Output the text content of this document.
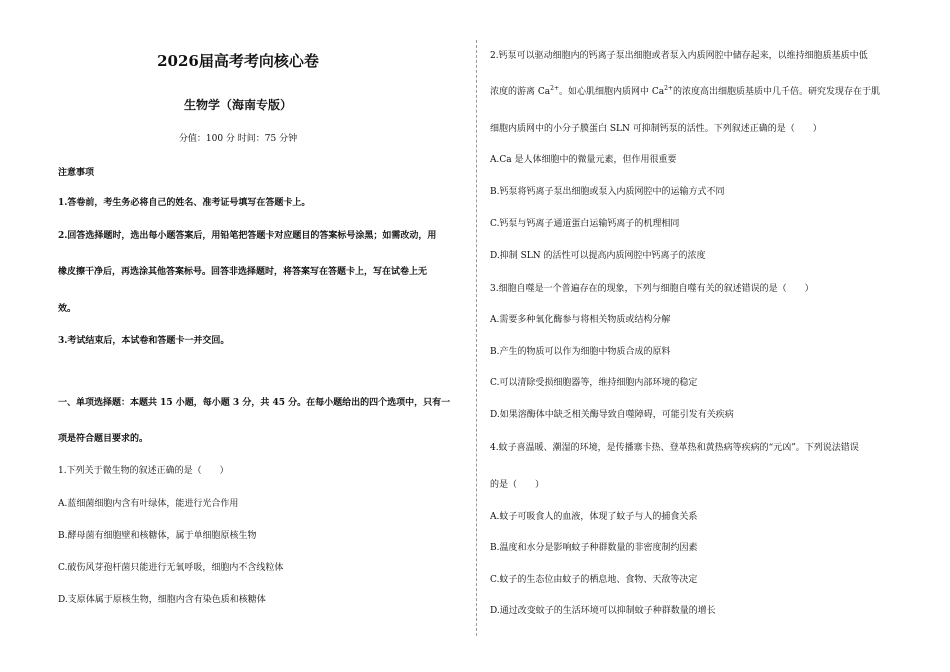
2026届高考考向核心卷
生物学（海南专版）
分值：100 分 时间：75 分钟
注意事项
1.答卷前，考生务必将自己的姓名、准考证号填写在答题卡上。
2.回答选择题时，选出每小题答案后，用铅笔把答题卡对应题目的答案标号涂黑；如需改动，用
橡皮擦干净后，再选涂其他答案标号。回答非选择题时，将答案写在答题卡上，写在试卷上无
效。
3.考试结束后，本试卷和答题卡一并交回。
一、单项选择题：本题共 15 小题，每小题 3 分，共 45 分。在每小题给出的四个选项中，只有一
项是符合题目要求的。
1.下列关于微生物的叙述正确的是（　　）
A.蓝细菌细胞内含有叶绿体，能进行光合作用
B.酵母菌有细胞壁和核糖体，属于单细胞原核生物
C.破伤风芽孢杆菌只能进行无氧呼吸，细胞内不含线粒体
D.支原体属于原核生物，细胞内含有染色质和核糖体
2.钙泵可以驱动细胞内的钙离子泵出细胞或者泵入内质网腔中储存起来，以维持细胞质基质中低
浓度的游离 $Ca^{2+}$。如心肌细胞内质网中 $Ca^{2+}$的浓度高出细胞质基质中几千倍。研究发现存在于肌
细胞内质网中的小分子膜蛋白 SLN 可抑制钙泵的活性。下列叙述正确的是（　　）
A.Ca 是人体细胞中的微量元素，但作用很重要
B.钙泵将钙离子泵出细胞或泵入内质网腔中的运输方式不同
C.钙泵与钙离子通道蛋白运输钙离子的机理相同
D.抑制 SLN 的活性可以提高内质网腔中钙离子的浓度
3.细胞自噬是一个普遍存在的现象，下列与细胞自噬有关的叙述错误的是（　　）
A.需要多种氧化酶参与将相关物质或结构分解
B.产生的物质可以作为细胞中物质合成的原料
C.可以清除受损细胞器等，维持细胞内部环境的稳定
D.如果溶酶体中缺乏相关酶导致自噬障碍，可能引发有关疾病
4.蚊子喜温暖、潮湿的环境，是传播寨卡热、登革热和黄热病等疾病的“元凶”。下列说法错误
的是（　　）
A.蚊子可吸食人的血液，体现了蚊子与人的捕食关系
B.温度和水分是影响蚊子种群数量的非密度制约因素
C.蚊子的生态位由蚊子的栖息地、食物、天敌等决定
D.通过改变蚊子的生活环境可以抑制蚊子种群数量的增长
